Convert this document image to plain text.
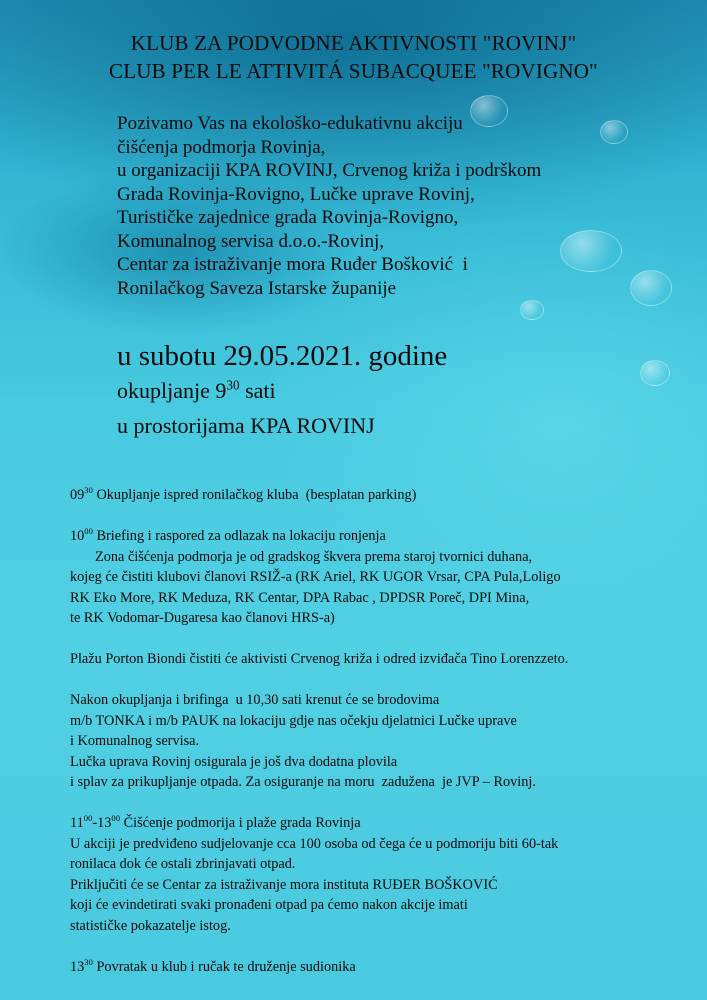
KLUB ZA PODVODNE AKTIVNOSTI "ROVINJ"
CLUB PER LE ATTIVITÁ SUBACQUEE "ROVIGNO"
Pozivamo Vas na ekološko-edukativnu akciju
čišćenja podmorja Rovinja,
u organizaciji KPA ROVINJ, Crvenog križa i podrškom
Grada Rovinja-Rovigno, Lučke uprave Rovinj,
Turističke zajednice grada Rovinja-Rovigno,
Komunalnog servisa d.o.o.-Rovinj,
Centar za istraživanje mora Ruđer Bošković  i
Ronilačkog Saveza Istarske županije
u subotu 29.05.2021. godine
okupljanje $9^{30}$ sati
u prostorijama KPA ROVINJ
$09^{30}$ Okupljanje ispred ronilačkog kluba  (besplatan parking)
$10^{00}$ Briefing i raspored za odlazak na lokaciju ronjenja
Zona čišćenja podmorja je od gradskog škvera prema staroj tvornici duhana,
kojeg će čistiti klubovi članovi RSIŽ-a (RK Ariel, RK UGOR Vrsar, CPA Pula,Loligo
RK Eko More, RK Meduza, RK Centar, DPA Rabac , DPDSR Poreč, DPI Mina,
te RK Vodomar-Dugaresa kao članovi HRS-a)
Plažu Porton Biondi čistiti će aktivisti Crvenog križa i odred izviđača Tino Lorenzzeto.
Nakon okupljanja i brifinga  u 10,30 sati krenut će se brodovima
m/b TONKA i m/b PAUK na lokaciju gdje nas očekju djelatnici Lučke uprave
i Komunalnog servisa.
Lučka uprava Rovinj osigurala je još dva dodatna plovila
i splav za prikupljanje otpada. Za osiguranje na moru  zadužena  je JVP – Rovinj.
$11^{00}-13^{00}$ Čišćenje podmorija i plaže grada Rovinja
U akciji je predviđeno sudjelovanje cca 100 osoba od čega će u podmoriju biti 60-tak
ronilaca dok će ostali zbrinjavati otpad.
Priključiti će se Centar za istraživanje mora instituta RUĐER BOŠKOVIĆ
koji će evindetirati svaki pronađeni otpad pa ćemo nakon akcije imati
statističke pokazatelje istog.
$13^{30}$ Povratak u klub i ručak te druženje sudionika
